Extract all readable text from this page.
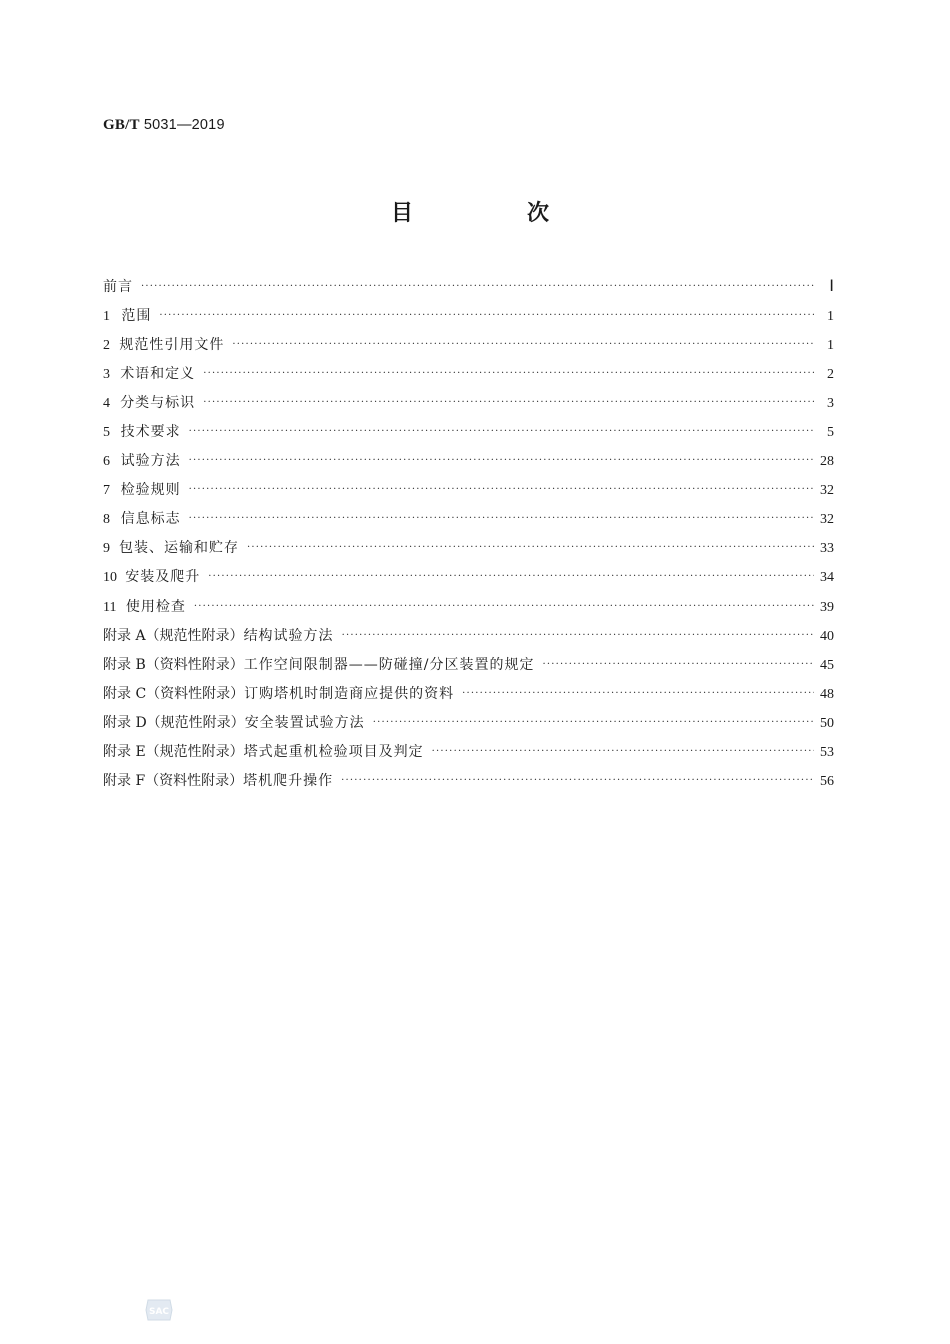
GB/T 5031—2019
目　次
前言 ·····	Ⅰ
1 范围 ·····	1
2 规范性引用文件 ·····	1
3 术语和定义 ·····	2
4 分类与标识 ·····	3
5 技术要求 ·····	5
6 试验方法 ·····	28
7 检验规则 ·····	32
8 信息标志 ·····	32
9 包装、运输和贮存 ·····	33
10 安装及爬升 ·····	34
11 使用检查 ·····	39
附录 A（规范性附录） 结构试验方法 ·····	40
附录 B（资料性附录） 工作空间限制器——防碰撞/分区装置的规定 ·····	45
附录 C（资料性附录） 订购塔机时制造商应提供的资料 ·····	48
附录 D（规范性附录） 安全装置试验方法 ·····	50
附录 E（规范性附录） 塔式起重机检验项目及判定 ·····	53
附录 F（资料性附录） 塔机爬升操作 ·····	56
SAC
